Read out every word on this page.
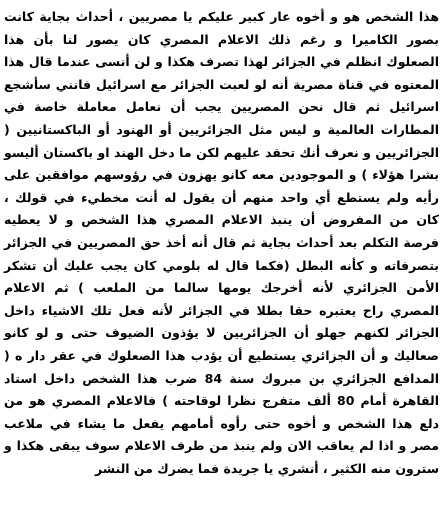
هذا الشخص هو و أخوه عار كبير عليكم يا مصريين ، أحداث بجاية كانت بصور الكاميرا و رغم ذلك الاعلام المصري كان يصور لنا بأن هذا الصعلوك انظلم في الجزائر لهذا تصرف هكذا و لن أنسى عندما قال هذا المعتوه في قناة مصرية أنه لو لعبت الجزائر مع اسرائيل فانني سأشجع اسرائيل ثم قال نحن المصريين يجب أن نعامل معاملة خاصة في المطارات العالمية و ليس مثل الجزائريين أو الهنود أو الباكستانيين ( الجزائريين و نعرف أنك تحقد عليهم لكن ما دخل الهند او باكستان أليسو بشرا هؤلاء ) و الموجودين معه كانو يهزون في رؤوسهم موافقين على رأيه ولم يستطع أي واحد منهم أن يقول له أنت مخطيء في قولك ، كان من المفروض أن ينبذ الاعلام المصري هذا الشخص و لا يعطيه فرصة التكلم بعد أحداث بجاية ثم قال أنه أخذ حق المصريين في الجزائر بتصرفاته و كأنه البطل (فكما قال له بلومي كان يجب عليك أن تشكر الأمن الجزائري لأنه أخرجك يومها سالما من الملعب ) ثم الاعلام المصري راح يعتبره حقا بطلا في الجزائر لأنه فعل تلك الاشياء داخل الجزائر لكنهم جهلو أن الجزائريين لا يؤذون الضيوف حتى و لو كانو صعاليك و أن الجزائري يستطيع أن يؤدب هذا الصعلوك في عقر دار ه ( المدافع الجزائري بن مبروك سنة 84 ضرب هذا الشخص داخل استاد القاهرة أمام 80 ألف متفرج نظرا لوقاحته ) فالاعلام المصري هو من دلع هذا الشخص و أخوه حتى رأوه أمامهم يفعل ما يشاء في ملاعب مصر و اذا لم يعاقب الان ولم ينبذ من طرف الاعلام سوف يبقى هكذا و سترون منه الكثير ، أنشري يا جريدة فما يضرك من النشر
